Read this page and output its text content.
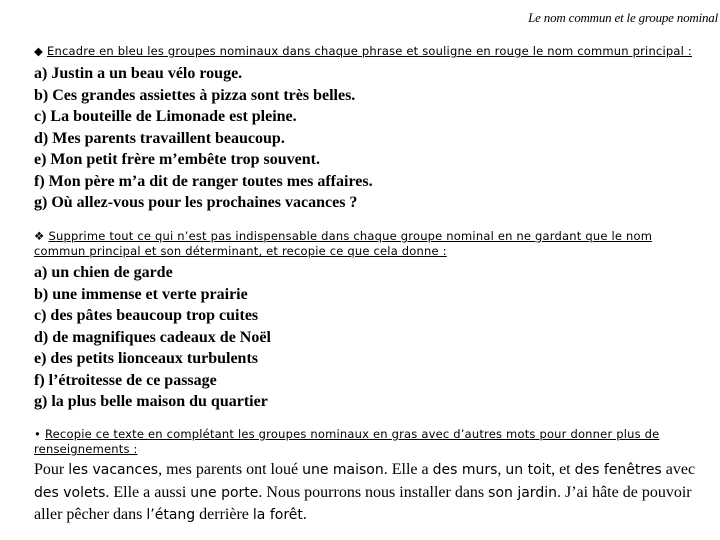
Le nom commun et le groupe nominal
◆ Encadre en bleu les groupes nominaux dans chaque phrase et souligne en rouge le nom commun principal :
a) Justin a un beau vélo rouge.
b) Ces grandes assiettes à pizza sont très belles.
c) La bouteille de Limonade est pleine.
d) Mes parents travaillent beaucoup.
e) Mon petit frère m’embête trop souvent.
f) Mon père m’a dit de ranger toutes mes affaires.
g) Où allez-vous pour les prochaines vacances ?
❖ Supprime tout ce qui n’est pas indispensable dans chaque groupe nominal en ne gardant que le nom
commun principal et son déterminant, et recopie ce que cela donne :
a) un chien de garde
b) une immense et verte prairie
c) des pâtes beaucoup trop cuites
d) de magnifiques cadeaux de Noël
e) des petits lionceaux turbulents
f) l’étroitesse de ce passage
g) la plus belle maison du quartier
• Recopie ce texte en complétant les groupes nominaux en gras avec d’autres mots pour donner plus de
renseignements :
Pour les vacances, mes parents ont loué une maison. Elle a des murs, un toit, et des fenêtres avec des volets. Elle a aussi une porte. Nous pourrons nous installer dans son jardin. J’ai hâte de pouvoir aller pêcher dans l’étang derrière la forêt.
